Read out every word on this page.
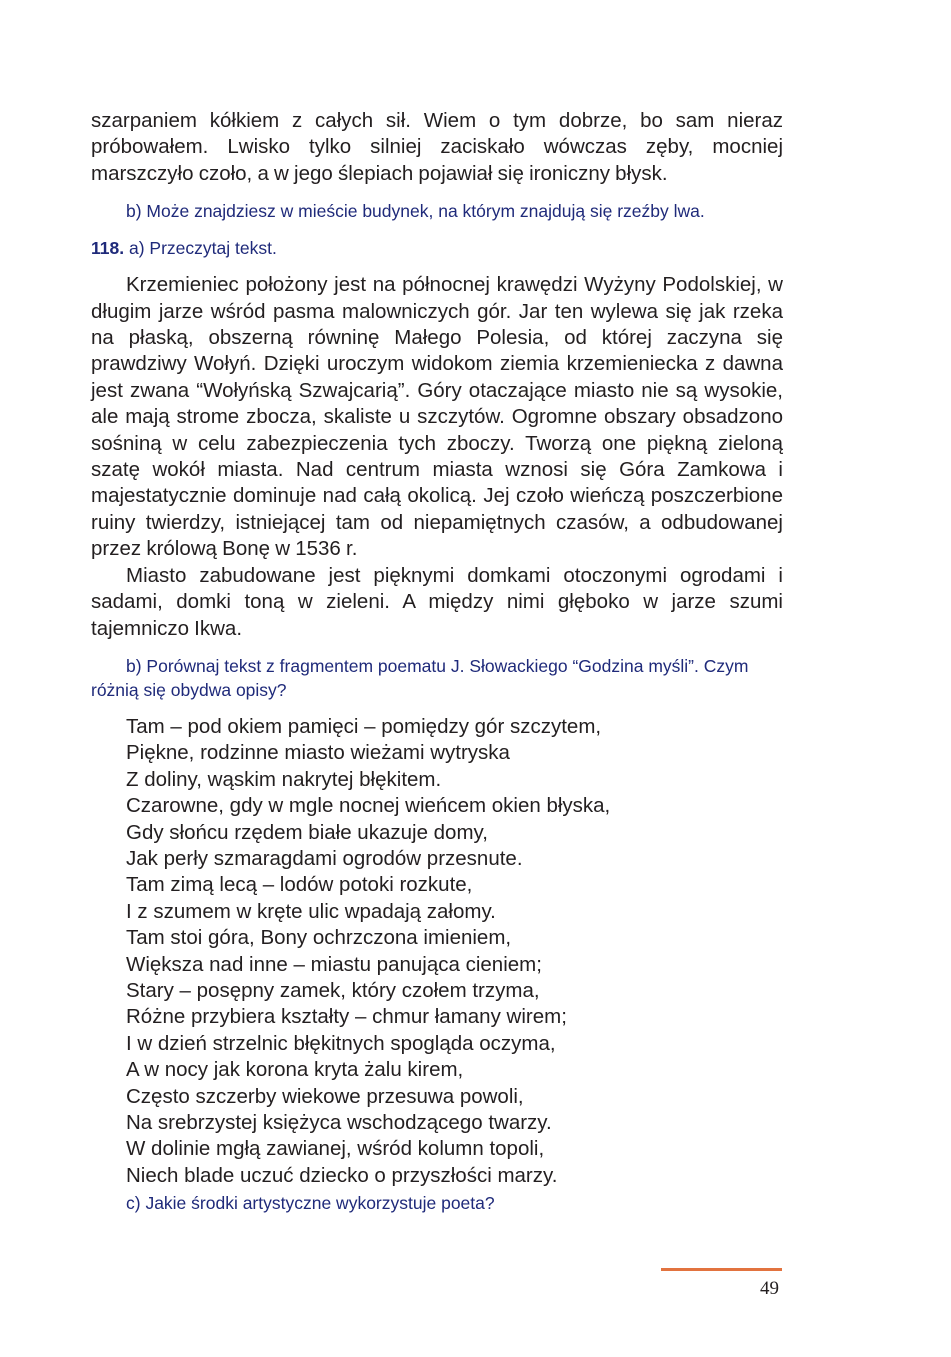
szarpaniem kółkiem z całych sił. Wiem o tym dobrze, bo sam nieraz próbowałem. Lwisko tylko silniej zaciskało wówczas zęby, mocniej marszczyło czoło, a w jego ślepiach pojawiał się ironiczny błysk.

b) Może znajdziesz w mieście budynek, na którym znajdują się rzeźby lwa.

118. a) Przeczytaj tekst.

Krzemieniec położony jest na północnej krawędzi Wyżyny Podolskiej, w długim jarze wśród pasma malowniczych gór. Jar ten wylewa się jak rzeka na płaską, obszerną równinę Małego Polesia, od której zaczyna się prawdziwy Wołyń. Dzięki uroczym widokom ziemia krzemieniecka z dawna jest zwana “Wołyńską Szwajcarią”. Góry otaczające miasto nie są wysokie, ale mają strome zbocza, skaliste u szczytów. Ogromne obszary obsadzono sośniną w celu zabezpieczenia tych zboczy. Tworzą one piękną zieloną szatę wokół miasta. Nad centrum miasta wznosi się Góra Zamkowa i majestatycznie dominuje nad całą okolicą. Jej czoło wieńczą poszczerbione ruiny twierdzy, istniejącej tam od niepamiętnych czasów, a odbudowanej przez królową Bonę w 1536 r.

Miasto zabudowane jest pięknymi domkami otoczonymi ogrodami i sadami, domki toną w zieleni. A między nimi głęboko w jarze szumi tajemniczo Ikwa.

b) Porównaj tekst z fragmentem poematu J. Słowackiego “Godzina myśli”. Czym różnią się obydwa opisy?

Tam – pod okiem pamięci – pomiędzy gór szczytem,
Piękne, rodzinne miasto wieżami wytryska
Z doliny, wąskim nakrytej błękitem.
Czarowne, gdy w mgle nocnej wieńcem okien błyska,
Gdy słońcu rzędem białe ukazuje domy,
Jak perły szmaragdami ogrodów przesnute.
Tam zimą lecą – lodów potoki rozkute,
I z szumem w kręte ulic wpadają załomy.
Tam stoi góra, Bony ochrzczona imieniem,
Większa nad inne – miastu panująca cieniem;
Stary – posępny zamek, który czołem trzyma,
Różne przybiera kształty – chmur łamany wirem;
I w dzień strzelnic błękitnych spogląda oczyma,
A w nocy jak korona kryta żalu kirem,
Często szczerby wiekowe przesuwa powoli,
Na srebrzystej księżyca wschodzącego twarzy.
W dolinie mgłą zawianej, wśród kolumn topoli,
Niech blade uczuć dziecko o przyszłości marzy.

c) Jakie środki artystyczne wykorzystuje poeta?

49
